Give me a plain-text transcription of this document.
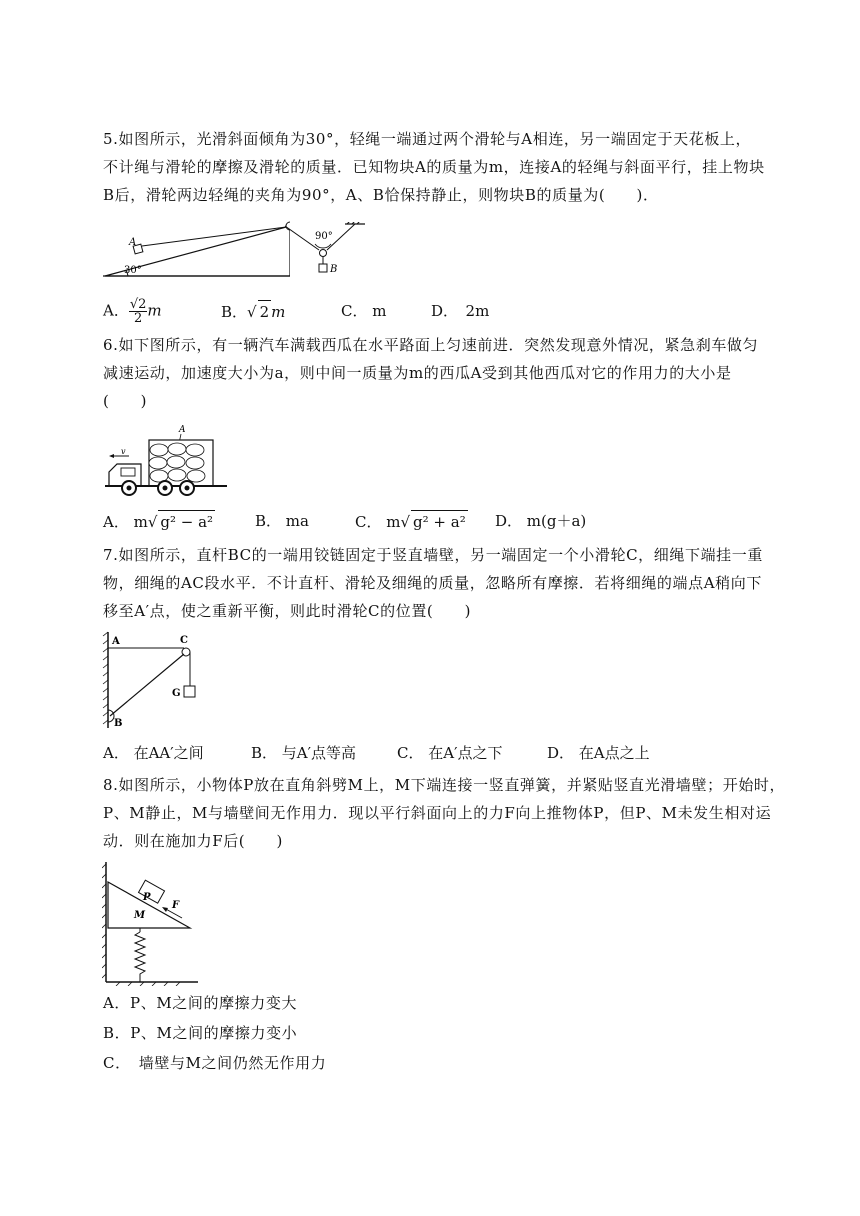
5.如图所示，光滑斜面倾角为30°，轻绳一端通过两个滑轮与A相连，另一端固定于天花板上，
不计绳与滑轮的摩擦及滑轮的质量．已知物块A的质量为m，连接A的轻绳与斜面平行，挂上物块
B后，滑轮两边轻绳的夹角为90°，A、B恰保持静止，则物块B的质量为(　　)．
30°
A
90°
B
A． $\frac{√2}{2}$ m	B．√ 2 m	C． m	D．　2m
6.如下图所示，有一辆汽车满载西瓜在水平路面上匀速前进．突然发现意外情况，紧急刹车做匀
减速运动，加速度大小为a，则中间一质量为m的西瓜A受到其他西瓜对它的作用力的大小是
(　　)
A
v
A． m√ g² − a²	B． ma	C． m√ g² + a² D． m(g＋a)
7.如图所示，直杆BC的一端用铰链固定于竖直墙壁，另一端固定一个小滑轮C，细绳下端挂一重
物，细绳的AC段水平．不计直杆、滑轮及细绳的质量，忽略所有摩擦．若将细绳的端点A稍向下
移至A′点，使之重新平衡，则此时滑轮C的位置(　　)
A	C
B
G
A． 在AA′之间	B． 与A′点等高	C． 在A′点之下	D． 在A点之上
8.如图所示，小物体P放在直角斜劈M上，M下端连接一竖直弹簧，并紧贴竖直光滑墙壁；开始时，
P、M静止，M与墙壁间无作用力．现以平行斜面向上的力F向上推物体P，但P、M未发生相对运
动．则在施加力F后(　　)
M
P
F
A．P、M之间的摩擦力变大
B．P、M之间的摩擦力变小
C．　墙壁与M之间仍然无作用力
